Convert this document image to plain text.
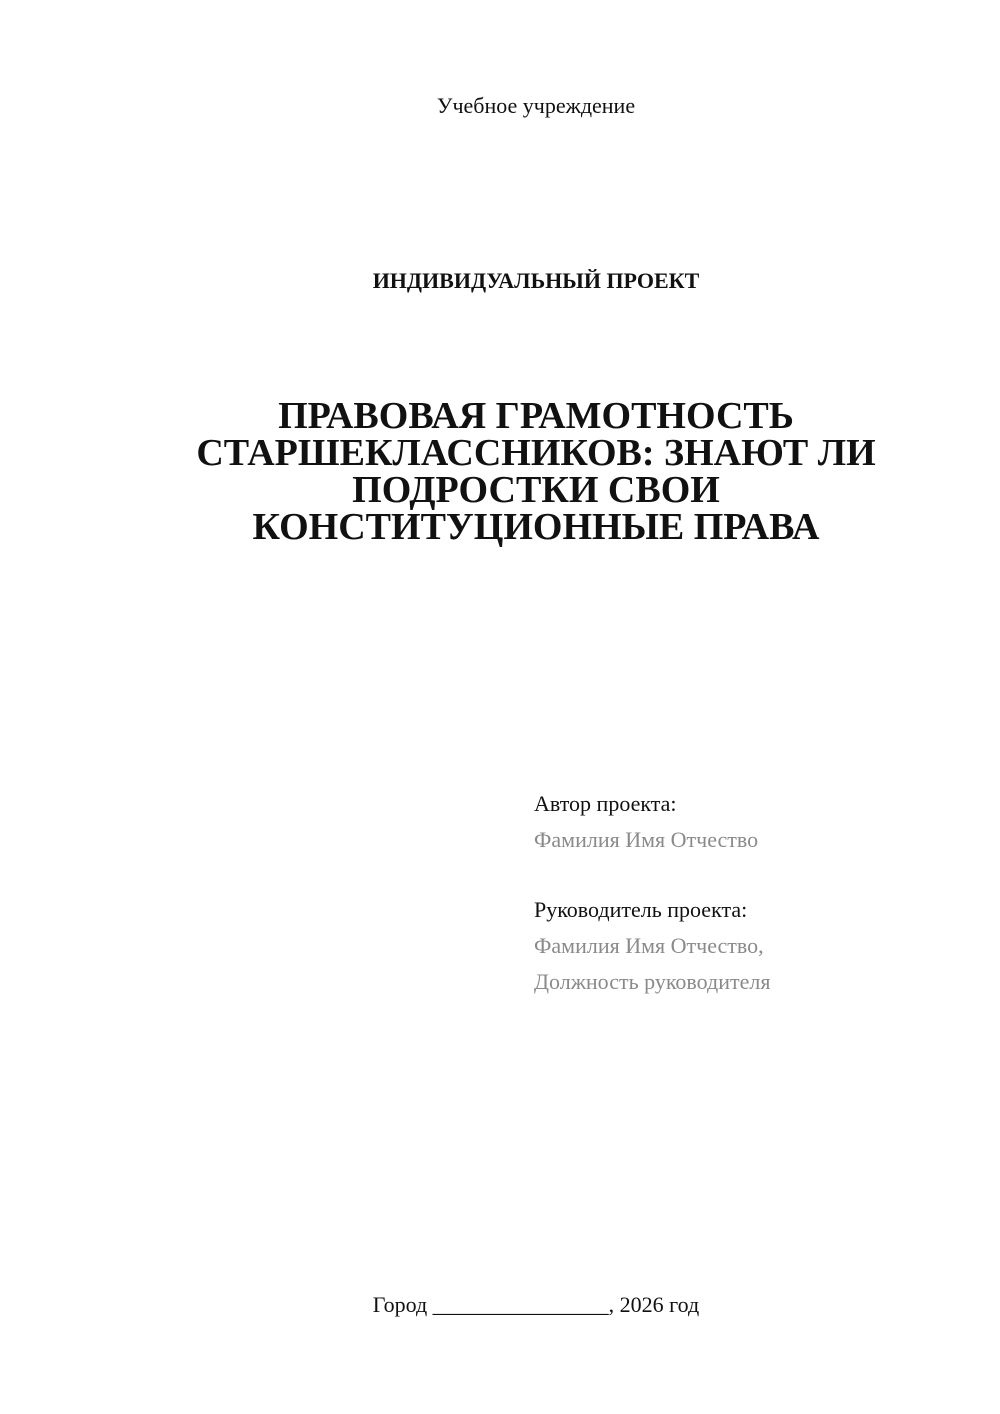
Учебное учреждение
ИНДИВИДУАЛЬНЫЙ ПРОЕКТ
ПРАВОВАЯ ГРАМОТНОСТЬ
СТАРШЕКЛАССНИКОВ: ЗНАЮТ ЛИ
ПОДРОСТКИ СВОИ
КОНСТИТУЦИОННЫЕ ПРАВА
Автор проекта:
Фамилия Имя Отчество
Руководитель проекта:
Фамилия Имя Отчество,
Должность руководителя
Город ________________, 2026 год
